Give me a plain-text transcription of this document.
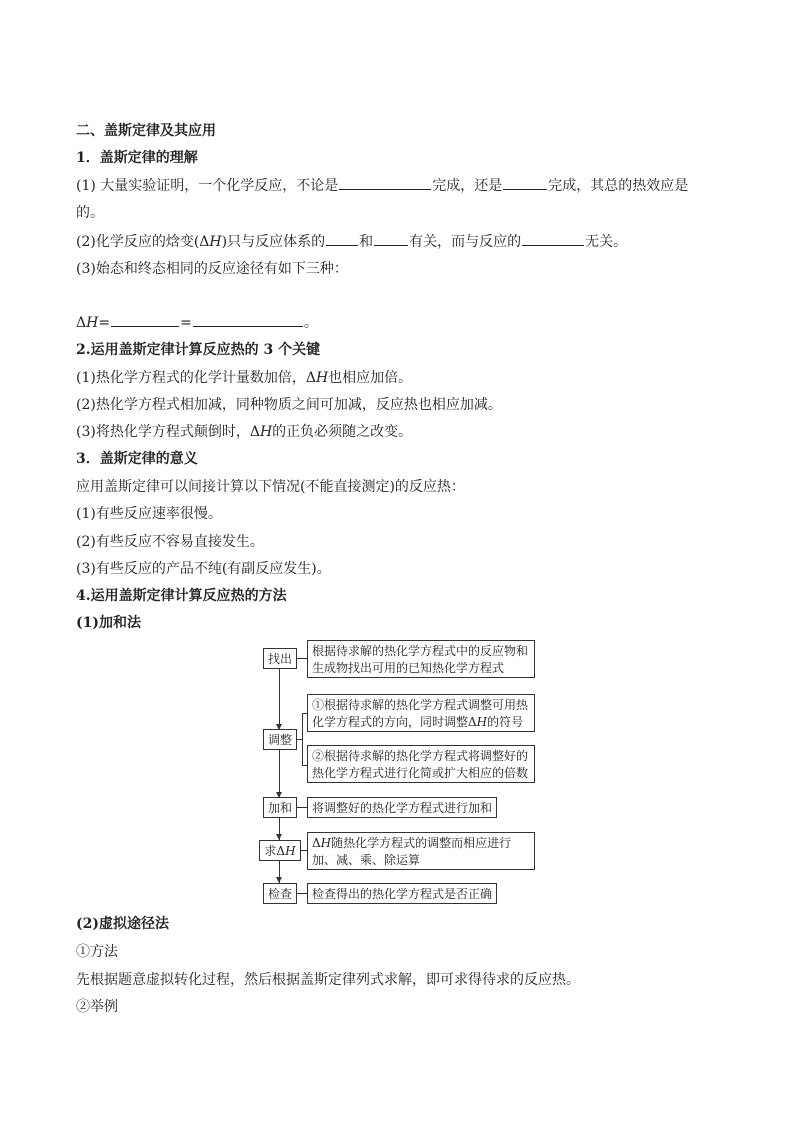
二、盖斯定律及其应用
1．盖斯定律的理解
(1) 大量实验证明，一个化学反应，不论是	完成，还是	完成，其总的热效应是
的。
(2)化学反应的焓变(ΔH)只与反应体系的 和	有关，而与反应的	无关。
(3)始态和终态相同的反应途径有如下三种：
ΔH=	=	。
2.运用盖斯定律计算反应热的 3 个关键
(1)热化学方程式的化学计量数加倍，ΔH也相应加倍。
(2)热化学方程式相加减，同种物质之间可加减，反应热也相应加减。
(3)将热化学方程式颠倒时，ΔH的正负必须随之改变。
3．盖斯定律的意义
应用盖斯定律可以间接计算以下情况(不能直接测定)的反应热：
(1)有些反应速率很慢。
(2)有些反应不容易直接发生。
(3)有些反应的产品不纯(有副反应发生)。
4.运用盖斯定律计算反应热的方法
(1)加和法
找出
调整
加和
求ΔH
检查
根据待求解的热化学方程式中的反应物和生成物找出可用的已知热化学方程式
①根据待求解的热化学方程式调整可用热化学方程式的方向，同时调整ΔH的符号
②根据待求解的热化学方程式将调整好的热化学方程式进行化简或扩大相应的倍数
将调整好的热化学方程式进行加和
ΔH随热化学方程式的调整而相应进行加、减、乘、除运算
检查得出的热化学方程式是否正确
(2)虚拟途径法
①方法
先根据题意虚拟转化过程，然后根据盖斯定律列式求解，即可求得待求的反应热。
②举例
